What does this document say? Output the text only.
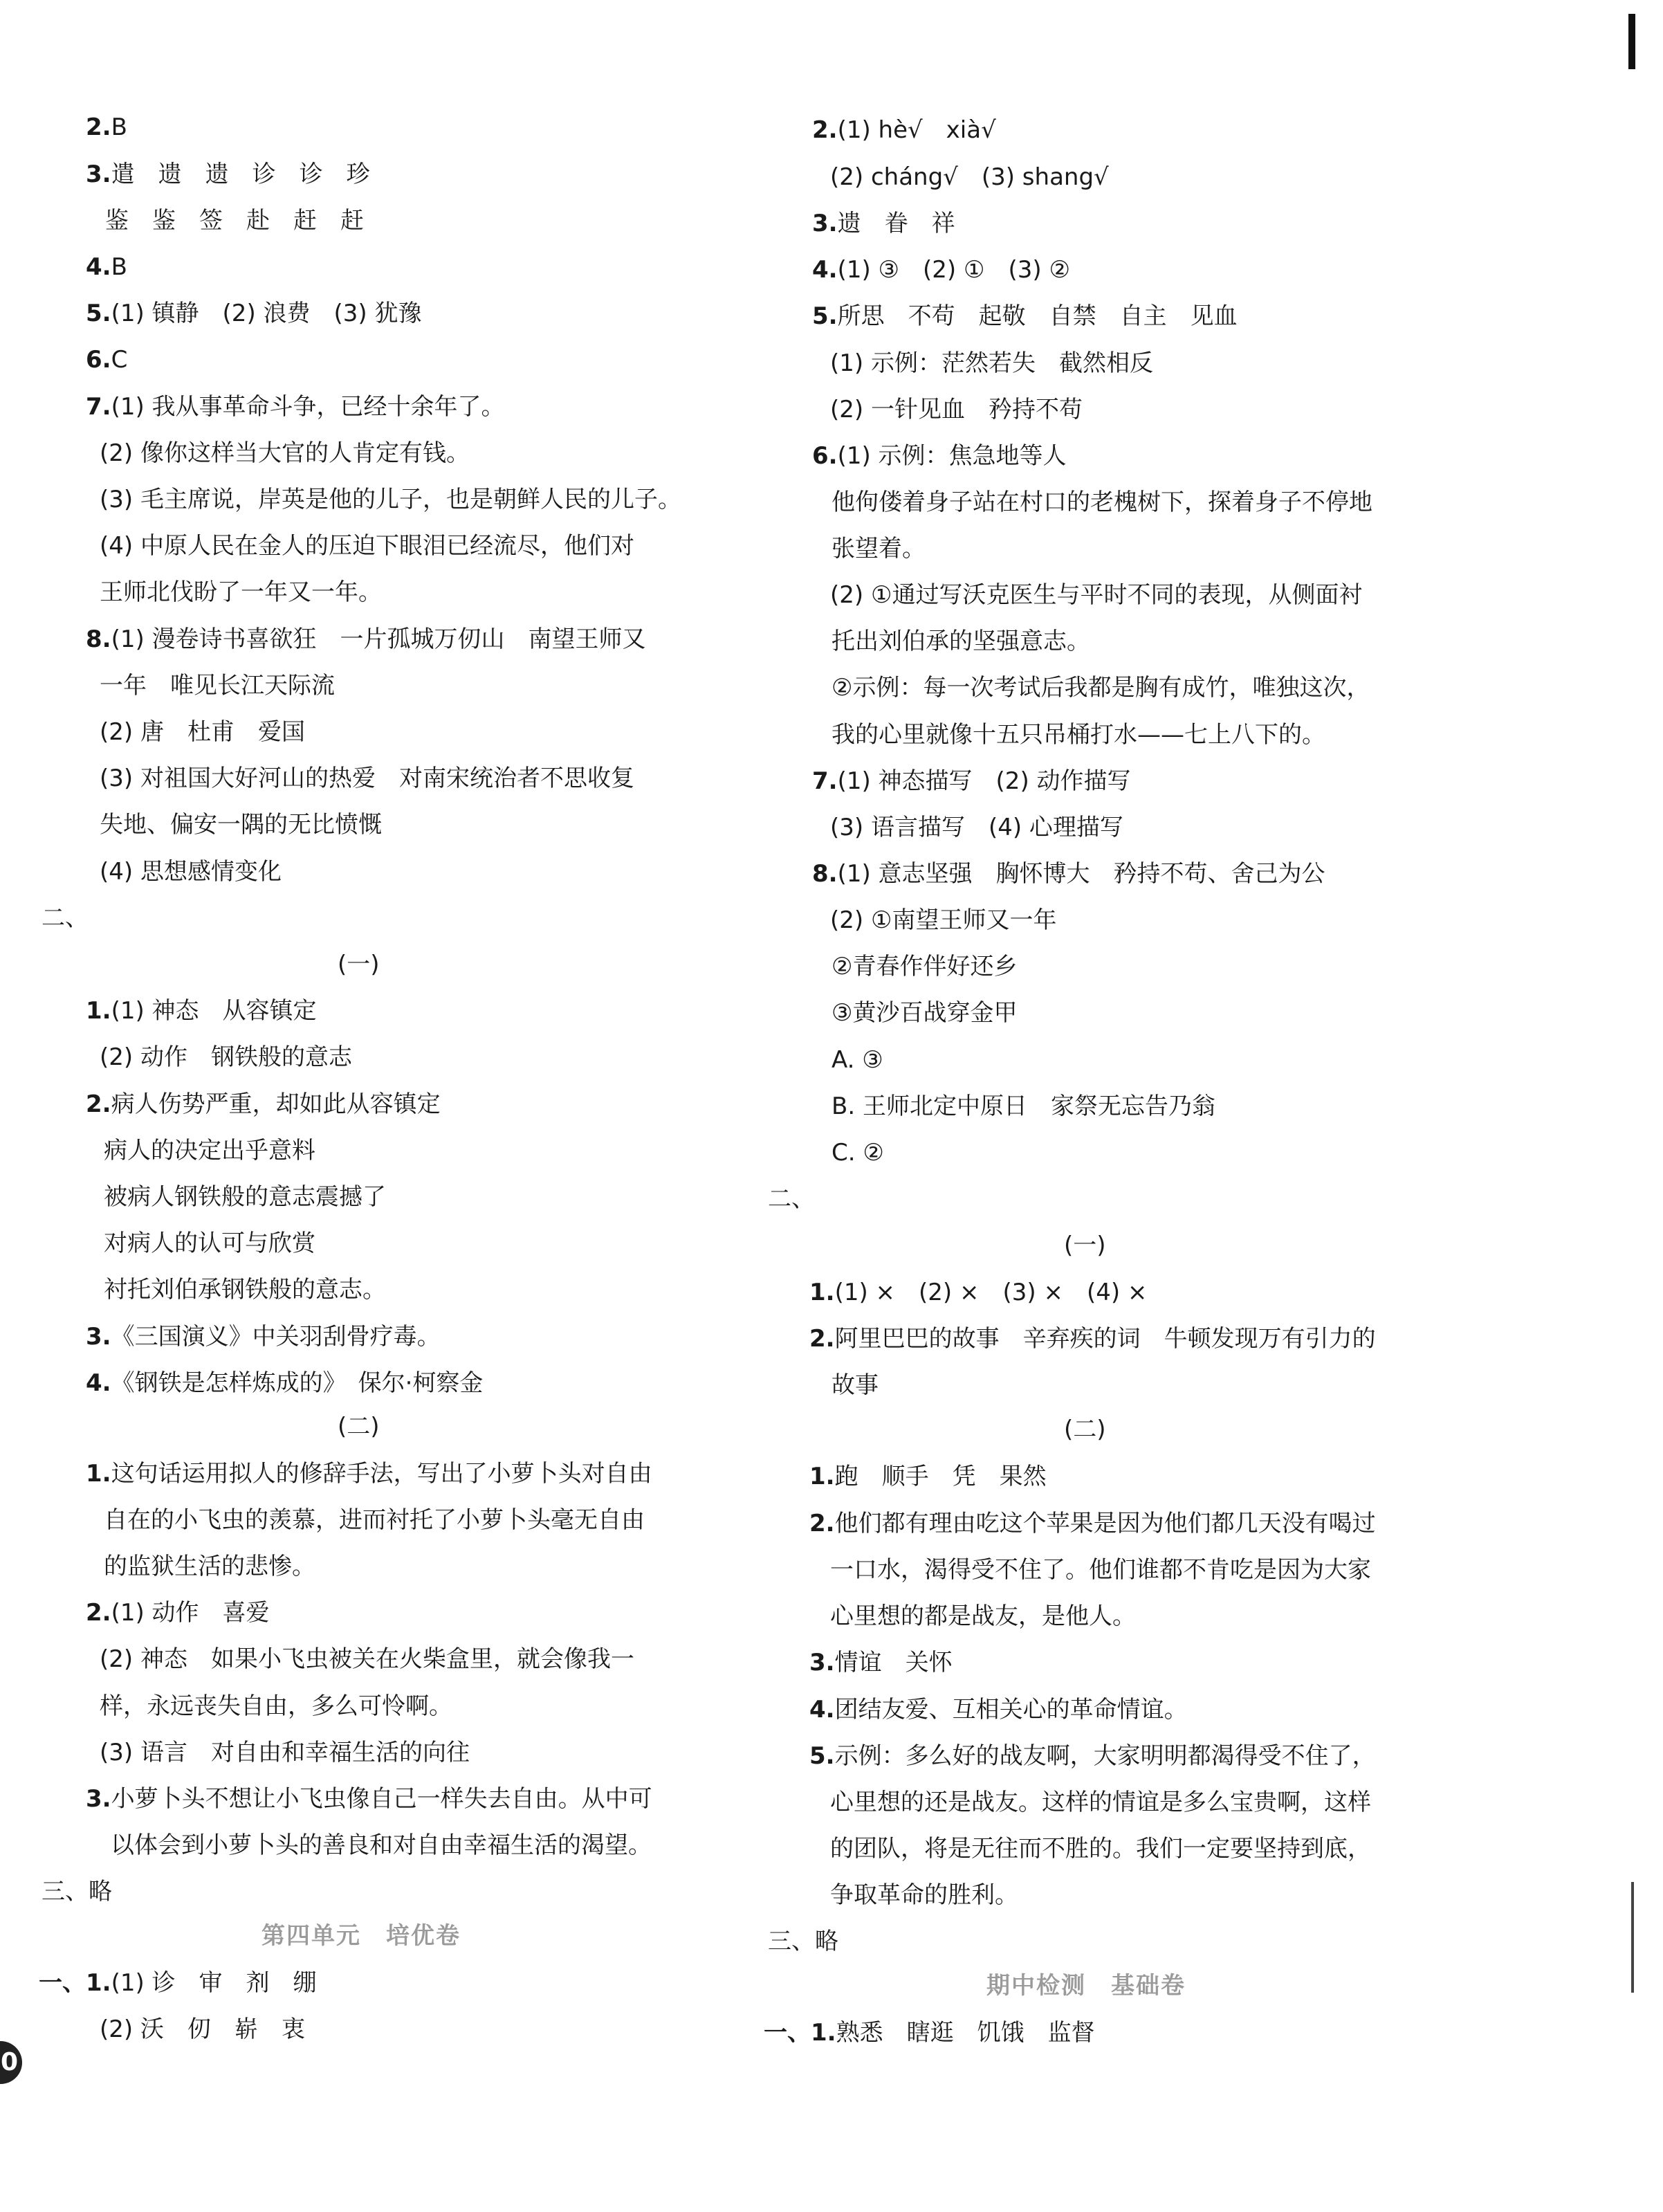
2.B
3.遣　遗　遗　诊　诊　珍
鉴　鉴　签　赴　赶　赶
4.B
5.(1) 镇静　(2) 浪费　(3) 犹豫
6.C
7.(1) 我从事革命斗争，已经十余年了。
(2) 像你这样当大官的人肯定有钱。
(3) 毛主席说，岸英是他的儿子，也是朝鲜人民的儿子。
(4) 中原人民在金人的压迫下眼泪已经流尽，他们对
王师北伐盼了一年又一年。
8.(1) 漫卷诗书喜欲狂　一片孤城万仞山　南望王师又
一年　唯见长江天际流
(2) 唐　杜甫　爱国
(3) 对祖国大好河山的热爱　对南宋统治者不思收复
失地、偏安一隅的无比愤慨
(4) 思想感情变化
二、
(一)
1.(1) 神态　从容镇定
(2) 动作　钢铁般的意志
2.病人伤势严重，却如此从容镇定
病人的决定出乎意料
被病人钢铁般的意志震撼了
对病人的认可与欣赏
衬托刘伯承钢铁般的意志。
3.《三国演义》中关羽刮骨疗毒。
4.《钢铁是怎样炼成的》　保尔·柯察金
(二)
1.这句话运用拟人的修辞手法，写出了小萝卜头对自由
自在的小飞虫的羡慕，进而衬托了小萝卜头毫无自由
的监狱生活的悲惨。
2.(1) 动作　喜爱
(2) 神态　如果小飞虫被关在火柴盒里，就会像我一
样，永远丧失自由，多么可怜啊。
(3) 语言　对自由和幸福生活的向往
3.小萝卜头不想让小飞虫像自己一样失去自由。从中可
以体会到小萝卜头的善良和对自由幸福生活的渴望。
三、略
第四单元　培优卷
一、1.(1) 诊　审　剂　绷
(2) 沃　仞　崭　衷
2.(1) hè√　xià√
(2) cháng√　(3) shang√
3.遗　眷　祥
4.(1) ③　(2) ①　(3) ②
5.所思　不苟　起敬　自禁　自主　见血
(1) 示例：茫然若失　截然相反
(2) 一针见血　矜持不苟
6.(1) 示例：焦急地等人
他佝偻着身子站在村口的老槐树下，探着身子不停地
张望着。
(2) ①通过写沃克医生与平时不同的表现，从侧面衬
托出刘伯承的坚强意志。
②示例：每一次考试后我都是胸有成竹，唯独这次，
我的心里就像十五只吊桶打水——七上八下的。
7.(1) 神态描写　(2) 动作描写
(3) 语言描写　(4) 心理描写
8.(1) 意志坚强　胸怀博大　矜持不苟、舍己为公
(2) ①南望王师又一年
②青春作伴好还乡
③黄沙百战穿金甲
A. ③
B. 王师北定中原日　家祭无忘告乃翁
C. ②
二、
(一)
1.(1) ×　(2) ×　(3) ×　(4) ×
2.阿里巴巴的故事　辛弃疾的词　牛顿发现万有引力的
故事
(二)
1.跑　顺手　凭　果然
2.他们都有理由吃这个苹果是因为他们都几天没有喝过
一口水，渴得受不住了。他们谁都不肯吃是因为大家
心里想的都是战友，是他人。
3.情谊　关怀
4.团结友爱、互相关心的革命情谊。
5.示例：多么好的战友啊，大家明明都渴得受不住了，
心里想的还是战友。这样的情谊是多么宝贵啊，这样
的团队，将是无往而不胜的。我们一定要坚持到底，
争取革命的胜利。
三、略
期中检测　基础卷
一、1.熟悉　瞎逛　饥饿　监督
0
